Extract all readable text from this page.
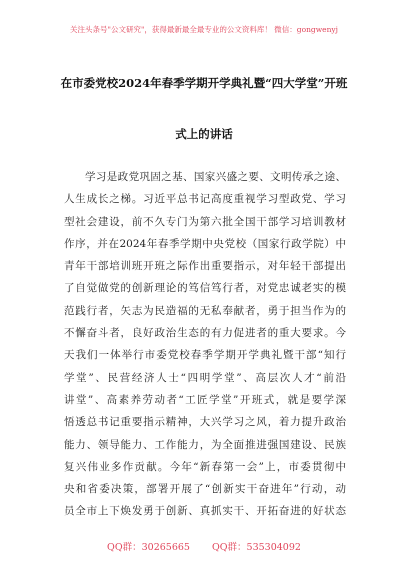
关注头条号"公文研究"，获得最新最全最专业的公文资料库！ 微信：gongwenyj
在市委党校2024年春季学期开学典礼暨“四大学堂”开班
式上的讲话
学习是政党巩固之基、国家兴盛之要、文明传承之途、
人生成长之梯。习近平总书记高度重视学习型政党、学习
型社会建设，前不久专门为第六批全国干部学习培训教材
作序，并在2024年春季学期中央党校（国家行政学院）中
青年干部培训班开班之际作出重要指示，对年轻干部提出
了自觉做党的创新理论的笃信笃行者，对党忠诚老实的模
范践行者，矢志为民造福的无私奉献者，勇于担当作为的
不懈奋斗者，良好政治生态的有力促进者的重大要求。今
天我们一体举行市委党校春季学期开学典礼暨干部“知行
学堂”、民营经济人士“四明学堂”、高层次人才“前沿
讲堂”、高素养劳动者“工匠学堂”开班式，就是要学深
悟透总书记重要指示精神，大兴学习之风，着力提升政治
能力、领导能力、工作能力，为全面推进强国建设、民族
复兴伟业多作贡献。今年“新春第一会”上，市委贯彻中
央和省委决策，部署开展了“创新实干奋进年”行动，动
员全市上下焕发勇于创新、真抓实干、开拓奋进的好状态
QQ群：30265665 QQ群：535304092
